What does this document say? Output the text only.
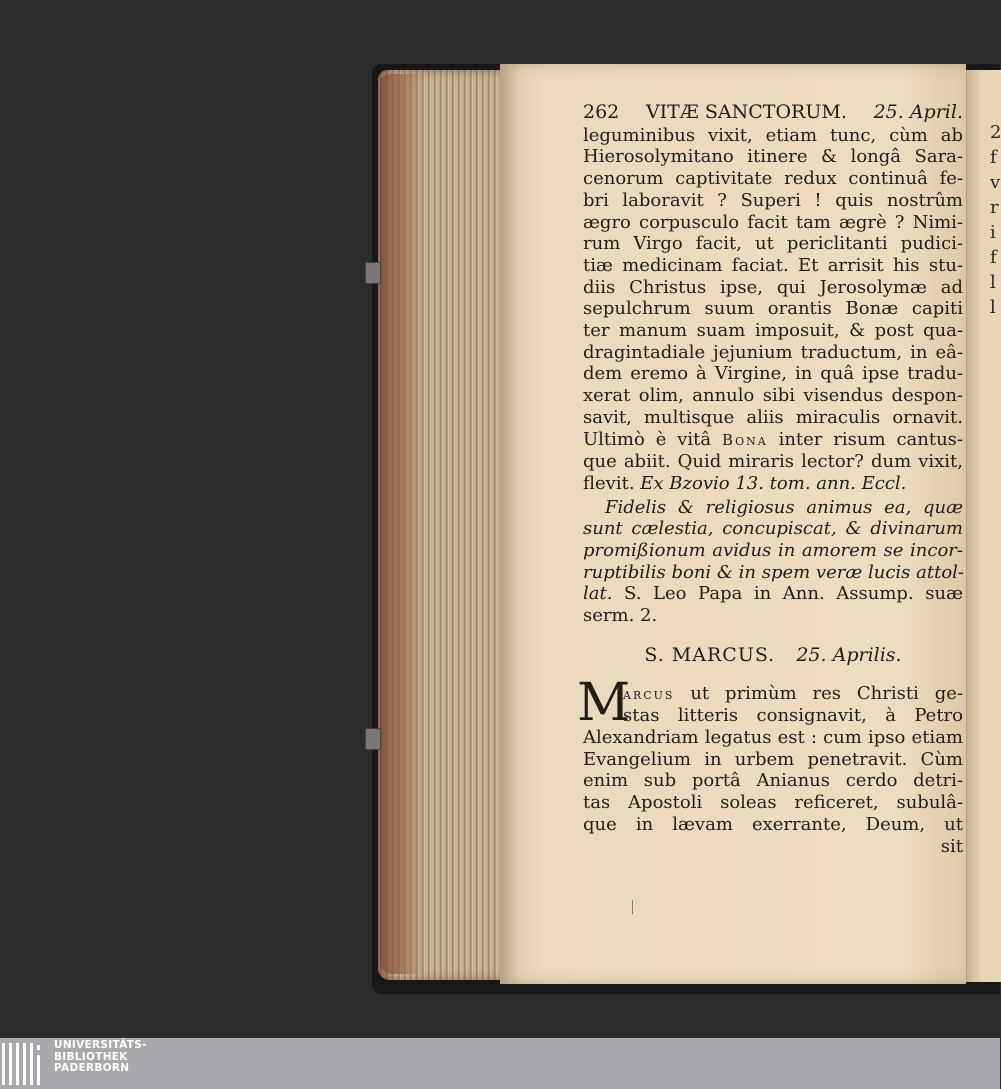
2
f
v
r
i
f
l
l
262 VITÆ SANCTORUM. 25. April.
leguminibus vixit, etiam tunc, cùm ab
Hierosolymitano itinere & longâ Sara-
cenorum captivitate redux continuâ fe-
bri laboravit ? Superi ! quis nostrûm
ægro corpusculo facit tam ægrè ? Nimi-
rum Virgo facit, ut periclitanti pudici-
tiæ medicinam faciat. Et arrisit his stu-
diis Christus ipse, qui Jerosolymæ ad
sepulchrum suum orantis Bonæ capiti
ter manum suam imposuit, & post qua-
dragintadiale jejunium traductum, in eâ-
dem eremo à Virgine, in quâ ipse tradu-
xerat olim, annulo sibi visendus despon-
savit, multisque aliis miraculis ornavit.
Ultimò è vitâ Bona inter risum cantus-
que abiit. Quid miraris lector? dum vixit,
flevit. Ex Bzovio 13. tom. ann. Eccl.
Fidelis & religiosus animus ea, quæ
sunt cælestia, concupiscat, & divinarum
promißionum avidus in amorem se incor-
ruptibilis boni & in spem veræ lucis attol-
lat. S. Leo Papa in Ann. Assump. suæ
serm. 2.
S. MARCUS. 25. Aprilis.
M
arcus ut primùm res Christi ge-
stas litteris consignavit, à Petro
Alexandriam legatus est : cum ipso etiam
Evangelium in urbem penetravit. Cùm
enim sub portâ Anianus cerdo detri-
tas Apostoli soleas reficeret, subulâ-
que in lævam exerrante, Deum, ut
sit
UNIVERSITÄTS-
BIBLIOTHEK
PADERBORN
